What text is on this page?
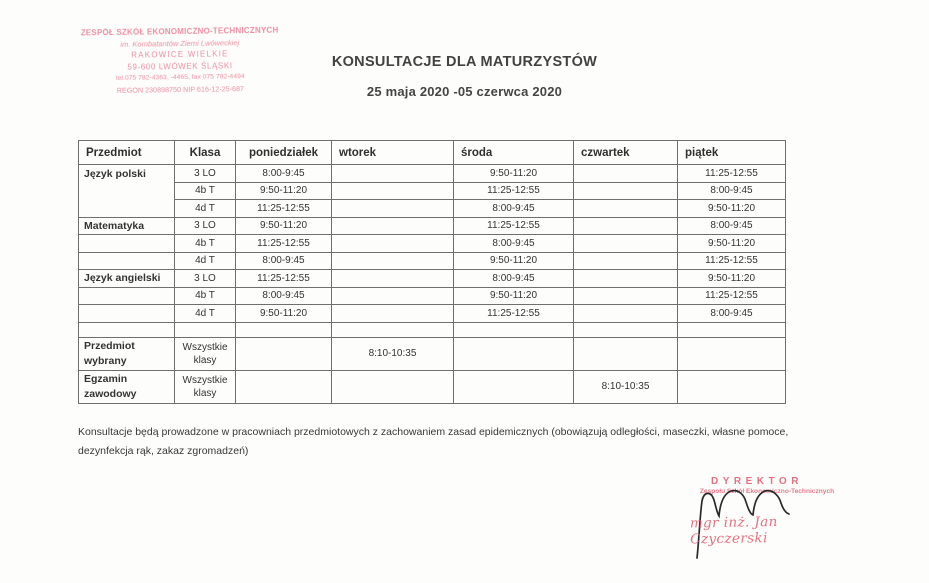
ZESPÓŁ SZKÓŁ EKONOMICZNO-TECHNICZNYCH
im. Kombatantów Ziemi Lwóweckiej
RAKOWICE WIELKIE
59-600 LWÓWEK ŚLĄSKI
tel.075 782-4363, -4465, fax 075 782-4494
REGON 230898750 NIP 616-12-25-687
KONSULTACJE DLA MATURZYSTÓW
25 maja 2020 -05 czerwca 2020
Przedmiot	Klasa	poniedziałek	wtorek	środa	czwartek	piątek
Język polski	3 LO	8:00-9:45		9:50-11:20		11:25-12:55
	4b T	9:50-11:20		11:25-12:55		8:00-9:45
	4d T	11:25-12:55		8:00-9:45		9:50-11:20
Matematyka	3 LO	9:50-11:20		11:25-12:55		8:00-9:45
	4b T	11:25-12:55		8:00-9:45		9:50-11:20
	4d T	8:00-9:45		9:50-11:20		11:25-12:55
Język angielski	3 LO	11:25-12:55		8:00-9:45		9:50-11:20
	4b T	8:00-9:45		9:50-11:20		11:25-12:55
	4d T	9:50-11:20		11:25-12:55		8:00-9:45

Przedmiot wybrany	Wszystkie klasy		8:10-10:35			
Egzamin zawodowy	Wszystkie klasy				8:10-10:35	
Konsultacje będą prowadzone w pracowniach przedmiotowych z zachowaniem zasad epidemicznych (obowiązują odległości, maseczki, własne pomoce,
dezynfekcja rąk, zakaz zgromadzeń)
DYREKTOR
Zespołu Szkół Ekonomiczno-Technicznych
mgr inż. Jan Czyczerski
